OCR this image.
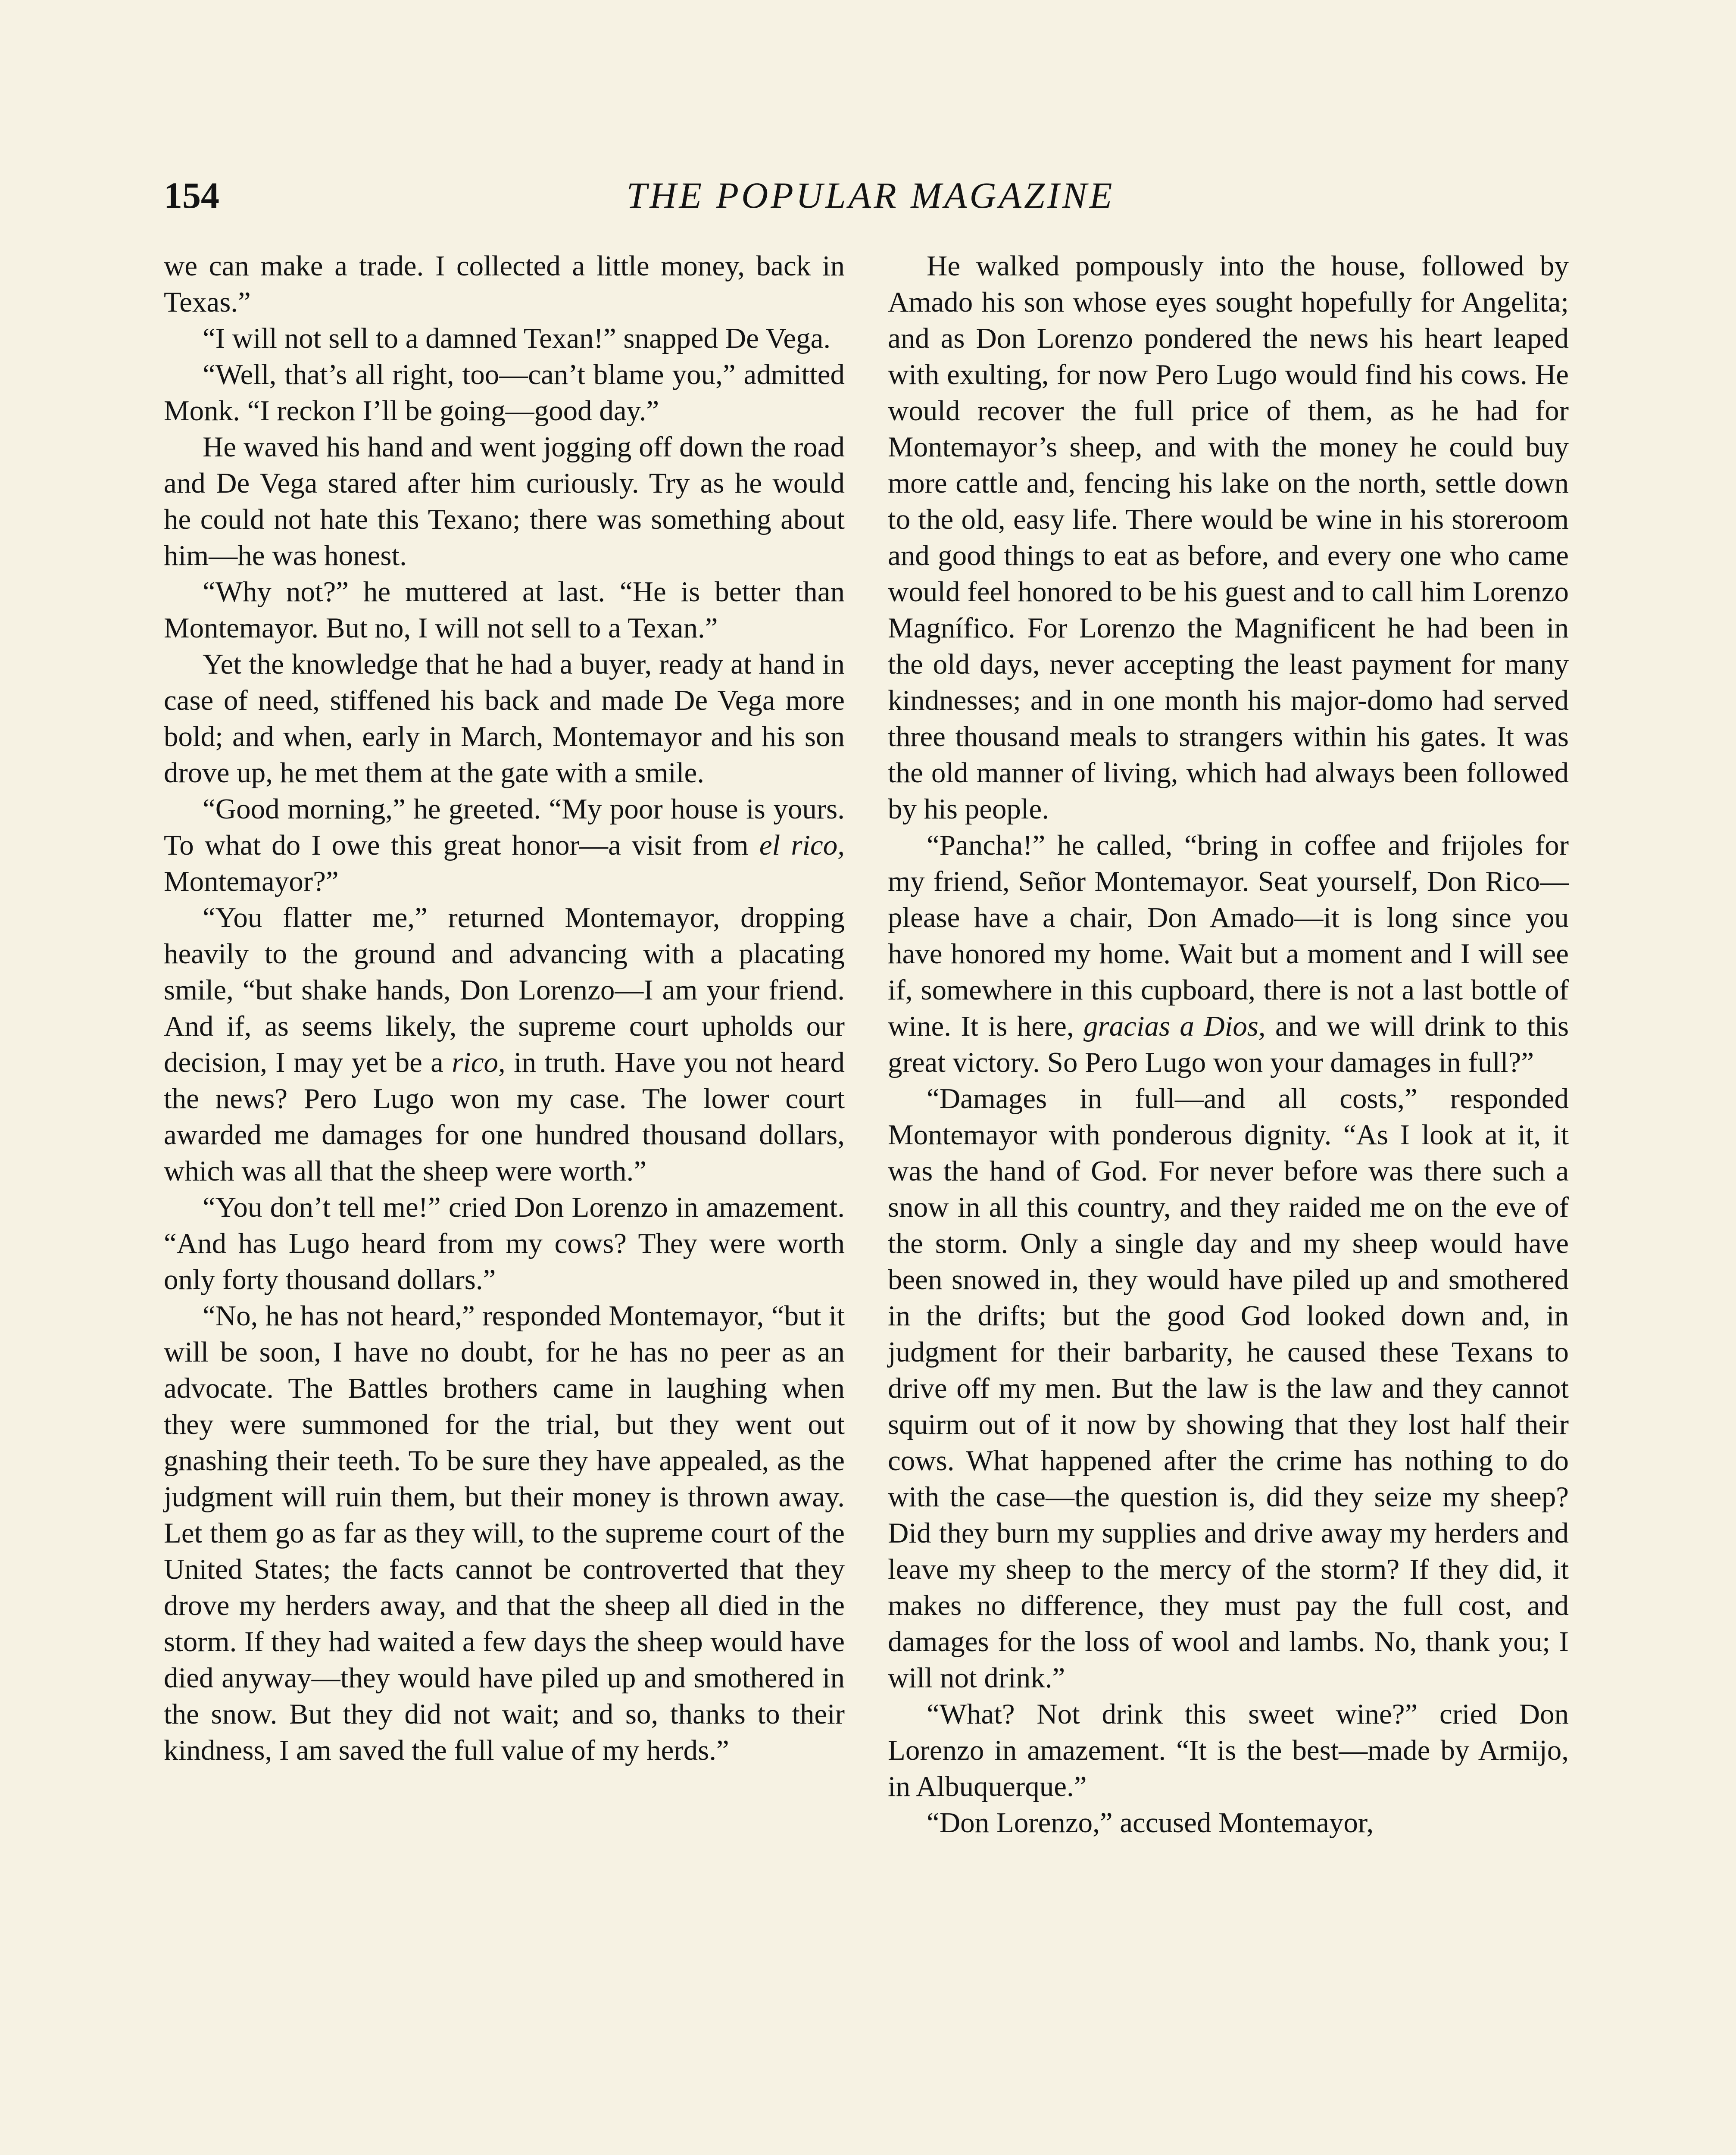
154	THE POPULAR MAGAZINE

we can make a trade. I collected a little money, back in Texas.”

“I will not sell to a damned Texan!” snapped De Vega.

“Well, that’s all right, too—can’t blame you,” admitted Monk. “I reckon I’ll be going—good day.”

He waved his hand and went jogging off down the road and De Vega stared after him curiously. Try as he would he could not hate this Texano; there was something about him—he was honest.

“Why not?” he muttered at last. “He is better than Montemayor. But no, I will not sell to a Texan.”

Yet the knowledge that he had a buyer, ready at hand in case of need, stiffened his back and made De Vega more bold; and when, early in March, Montemayor and his son drove up, he met them at the gate with a smile.

“Good morning,” he greeted. “My poor house is yours. To what do I owe this great honor—a visit from el rico, Montemayor?”

“You flatter me,” returned Montemayor, dropping heavily to the ground and advancing with a placating smile, “but shake hands, Don Lorenzo—I am your friend. And if, as seems likely, the supreme court upholds our decision, I may yet be a rico, in truth. Have you not heard the news? Pero Lugo won my case. The lower court awarded me damages for one hundred thousand dollars, which was all that the sheep were worth.”

“You don’t tell me!” cried Don Lorenzo in amazement. “And has Lugo heard from my cows? They were worth only forty thousand dollars.”

“No, he has not heard,” responded Montemayor, “but it will be soon, I have no doubt, for he has no peer as an advocate. The Battles brothers came in laughing when they were summoned for the trial, but they went out gnashing their teeth. To be sure they have appealed, as the judgment will ruin them, but their money is thrown away. Let them go as far as they will, to the supreme court of the United States; the facts cannot be controverted that they drove my herders away, and that the sheep all died in the storm. If they had waited a few days the sheep would have died anyway—they would have piled up and smothered in the snow. But they did not wait; and so, thanks to their kindness, I am saved the full value of my herds.”

He walked pompously into the house, followed by Amado his son whose eyes sought hopefully for Angelita; and as Don Lorenzo pondered the news his heart leaped with exulting, for now Pero Lugo would find his cows. He would recover the full price of them, as he had for Montemayor’s sheep, and with the money he could buy more cattle and, fencing his lake on the north, settle down to the old, easy life. There would be wine in his storeroom and good things to eat as before, and every one who came would feel honored to be his guest and to call him Lorenzo Magnífico. For Lorenzo the Magnificent he had been in the old days, never accepting the least payment for many kindnesses; and in one month his major-domo had served three thousand meals to strangers within his gates. It was the old manner of living, which had always been followed by his people.

“Pancha!” he called, “bring in coffee and frijoles for my friend, Señor Montemayor. Seat yourself, Don Rico—please have a chair, Don Amado—it is long since you have honored my home. Wait but a moment and I will see if, somewhere in this cupboard, there is not a last bottle of wine. It is here, gracias a Dios, and we will drink to this great victory. So Pero Lugo won your damages in full?”

“Damages in full—and all costs,” responded Montemayor with ponderous dignity. “As I look at it, it was the hand of God. For never before was there such a snow in all this country, and they raided me on the eve of the storm. Only a single day and my sheep would have been snowed in, they would have piled up and smothered in the drifts; but the good God looked down and, in judgment for their barbarity, he caused these Texans to drive off my men. But the law is the law and they cannot squirm out of it now by showing that they lost half their cows. What happened after the crime has nothing to do with the case—the question is, did they seize my sheep? Did they burn my supplies and drive away my herders and leave my sheep to the mercy of the storm? If they did, it makes no difference, they must pay the full cost, and damages for the loss of wool and lambs. No, thank you; I will not drink.”

“What? Not drink this sweet wine?” cried Don Lorenzo in amazement. “It is the best—made by Armijo, in Albuquerque.”

“Don Lorenzo,” accused Montemayor,
